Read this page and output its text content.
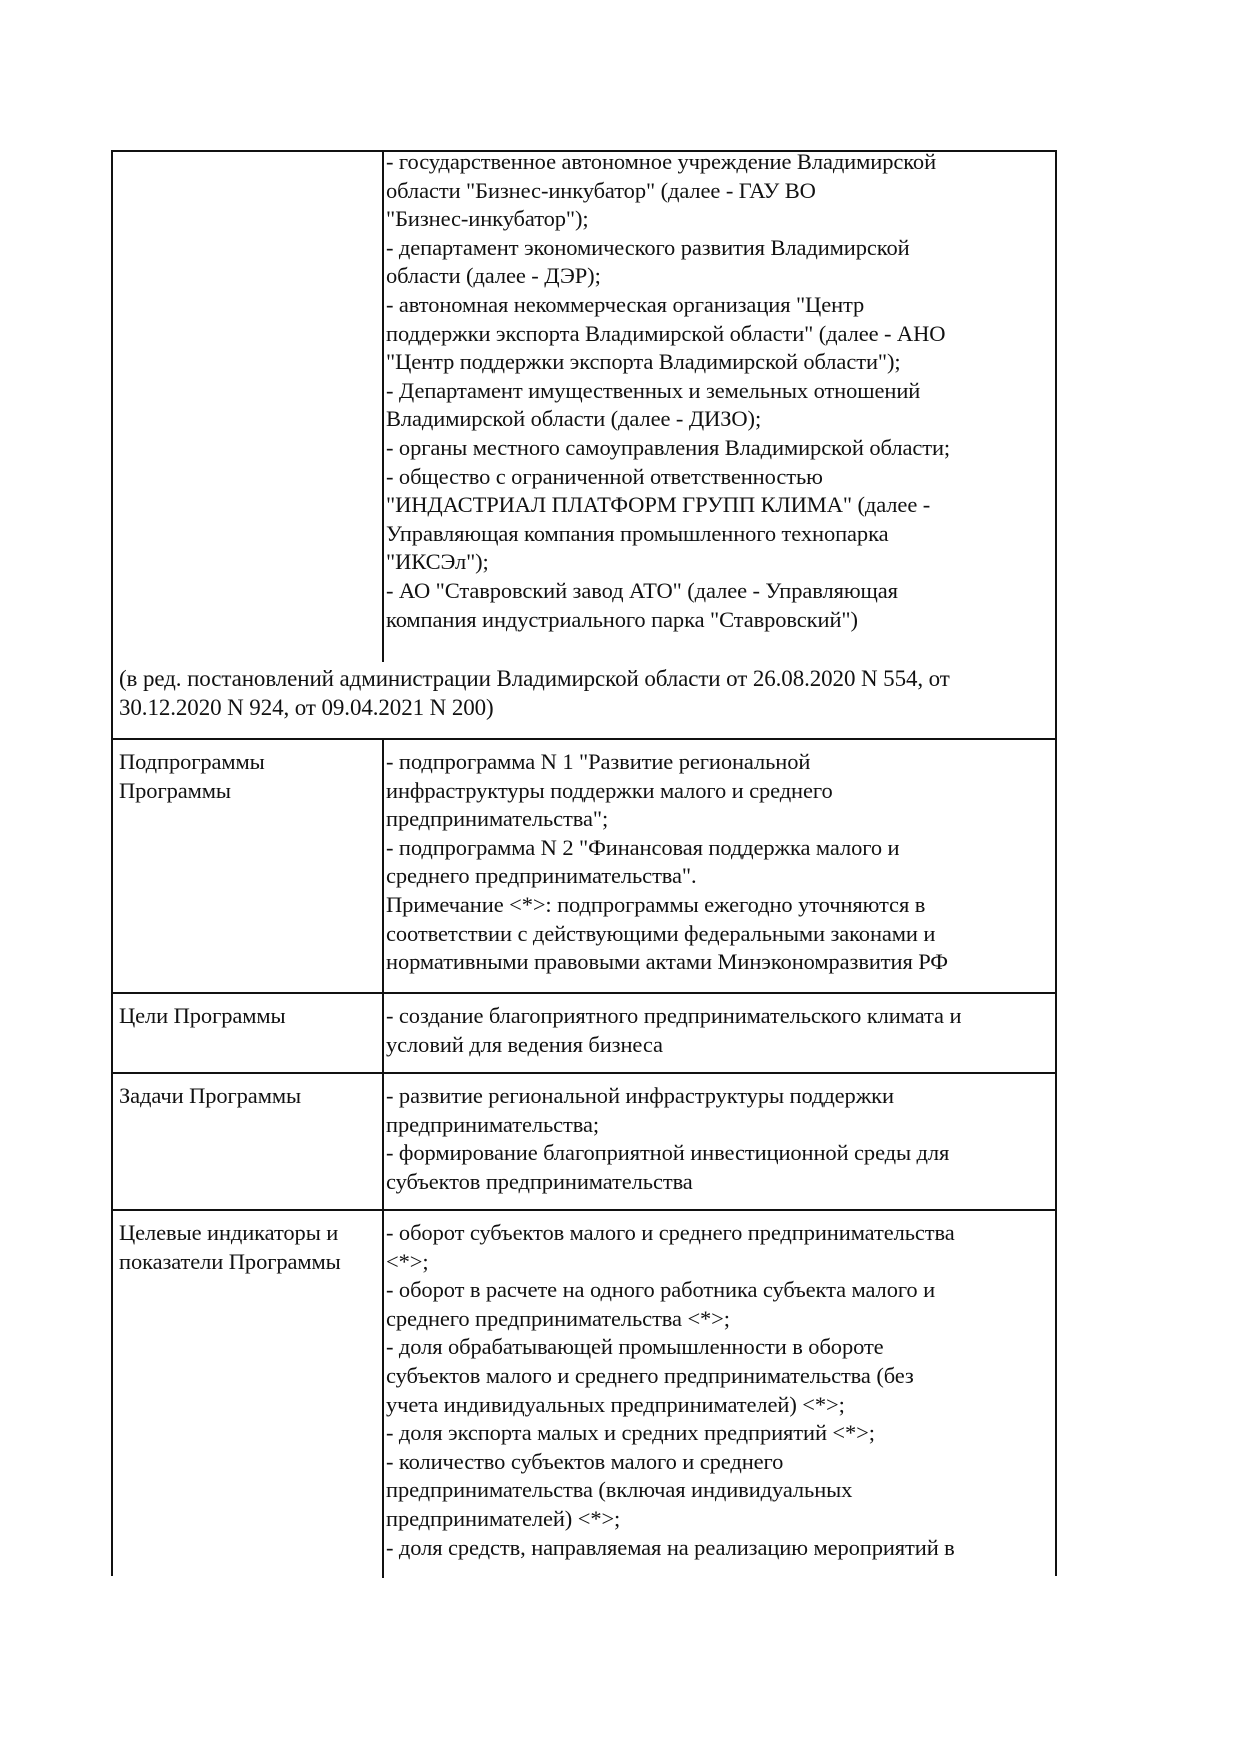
- государственное автономное учреждение Владимирской
области "Бизнес-инкубатор" (далее - ГАУ ВО
"Бизнес-инкубатор");
- департамент экономического развития Владимирской
области (далее - ДЭР);
- автономная некоммерческая организация "Центр
поддержки экспорта Владимирской области" (далее - АНО
"Центр поддержки экспорта Владимирской области");
- Департамент имущественных и земельных отношений
Владимирской области (далее - ДИЗО);
- органы местного самоуправления Владимирской области;
- общество с ограниченной ответственностью
"ИНДАСТРИАЛ ПЛАТФОРМ ГРУПП КЛИМА" (далее -
Управляющая компания промышленного технопарка
"ИКСЭл");
- АО "Ставровский завод АТО" (далее - Управляющая
компания индустриального парка "Ставровский")
(в ред. постановлений администрации Владимирской области от 26.08.2020 N 554, от
30.12.2020 N 924, от 09.04.2021 N 200)
Подпрограммы
Программы
- подпрограмма N 1 "Развитие региональной
инфраструктуры поддержки малого и среднего
предпринимательства";
- подпрограмма N 2 "Финансовая поддержка малого и
среднего предпринимательства".
Примечание <*>: подпрограммы ежегодно уточняются в
соответствии с действующими федеральными законами и
нормативными правовыми актами Минэкономразвития РФ
Цели Программы	- создание благоприятного предпринимательского климата и
условий для ведения бизнеса
Задачи Программы	- развитие региональной инфраструктуры поддержки
предпринимательства;
- формирование благоприятной инвестиционной среды для
субъектов предпринимательства
Целевые индикаторы и
показатели Программы
- оборот субъектов малого и среднего предпринимательства
<*>;
- оборот в расчете на одного работника субъекта малого и
среднего предпринимательства <*>;
- доля обрабатывающей промышленности в обороте
субъектов малого и среднего предпринимательства (без
учета индивидуальных предпринимателей) <*>;
- доля экспорта малых и средних предприятий <*>;
- количество субъектов малого и среднего
предпринимательства (включая индивидуальных
предпринимателей) <*>;
- доля средств, направляемая на реализацию мероприятий в
